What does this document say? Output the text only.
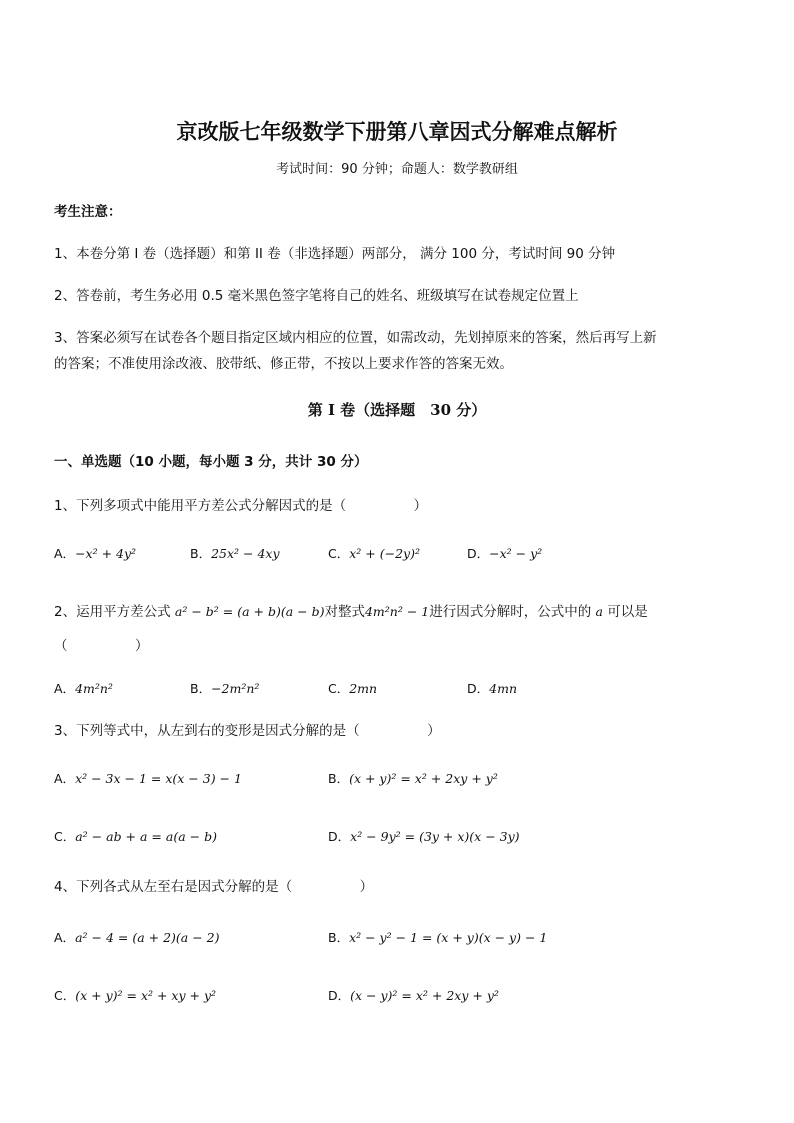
京改版七年级数学下册第八章因式分解难点解析
考试时间：90 分钟；命题人：数学教研组
考生注意：
1、本卷分第 I 卷（选择题）和第 II 卷（非选择题）两部分， 满分 100 分，考试时间 90 分钟
2、答卷前，考生务必用 0.5 毫米黑色签字笔将自己的姓名、班级填写在试卷规定位置上
3、答案必须写在试卷各个题目指定区域内相应的位置，如需改动，先划掉原来的答案，然后再写上新
的答案；不准使用涂改液、胶带纸、修正带，不按以上要求作答的答案无效。
第 I 卷（选择题　30 分）
一、单选题（10 小题，每小题 3 分，共计 30 分）
1、下列多项式中能用平方差公式分解因式的是（　　　　　）
A．−x² + 4y²	B．25x² − 4xy	C．x² + (−2y)²	D．−x² − y²
2、运用平方差公式 a² − b² = (a + b)(a − b)对整式4m²n² − 1进行因式分解时，公式中的 a 可以是
（　　　　　）
A．4m²n²	B．−2m²n²	C．2mn	D．4mn
3、下列等式中，从左到右的变形是因式分解的是（　　　　　）
A．x² − 3x − 1 = x(x − 3) − 1	B．(x + y)² = x² + 2xy + y²
C．a² − ab + a = a(a − b)	D．x² − 9y² = (3y + x)(x − 3y)
4、下列各式从左至右是因式分解的是（　　　　　）
A．a² − 4 = (a + 2)(a − 2)	B．x² − y² − 1 = (x + y)(x − y) − 1
C．(x + y)² = x² + xy + y²	D．(x − y)² = x² + 2xy + y²
